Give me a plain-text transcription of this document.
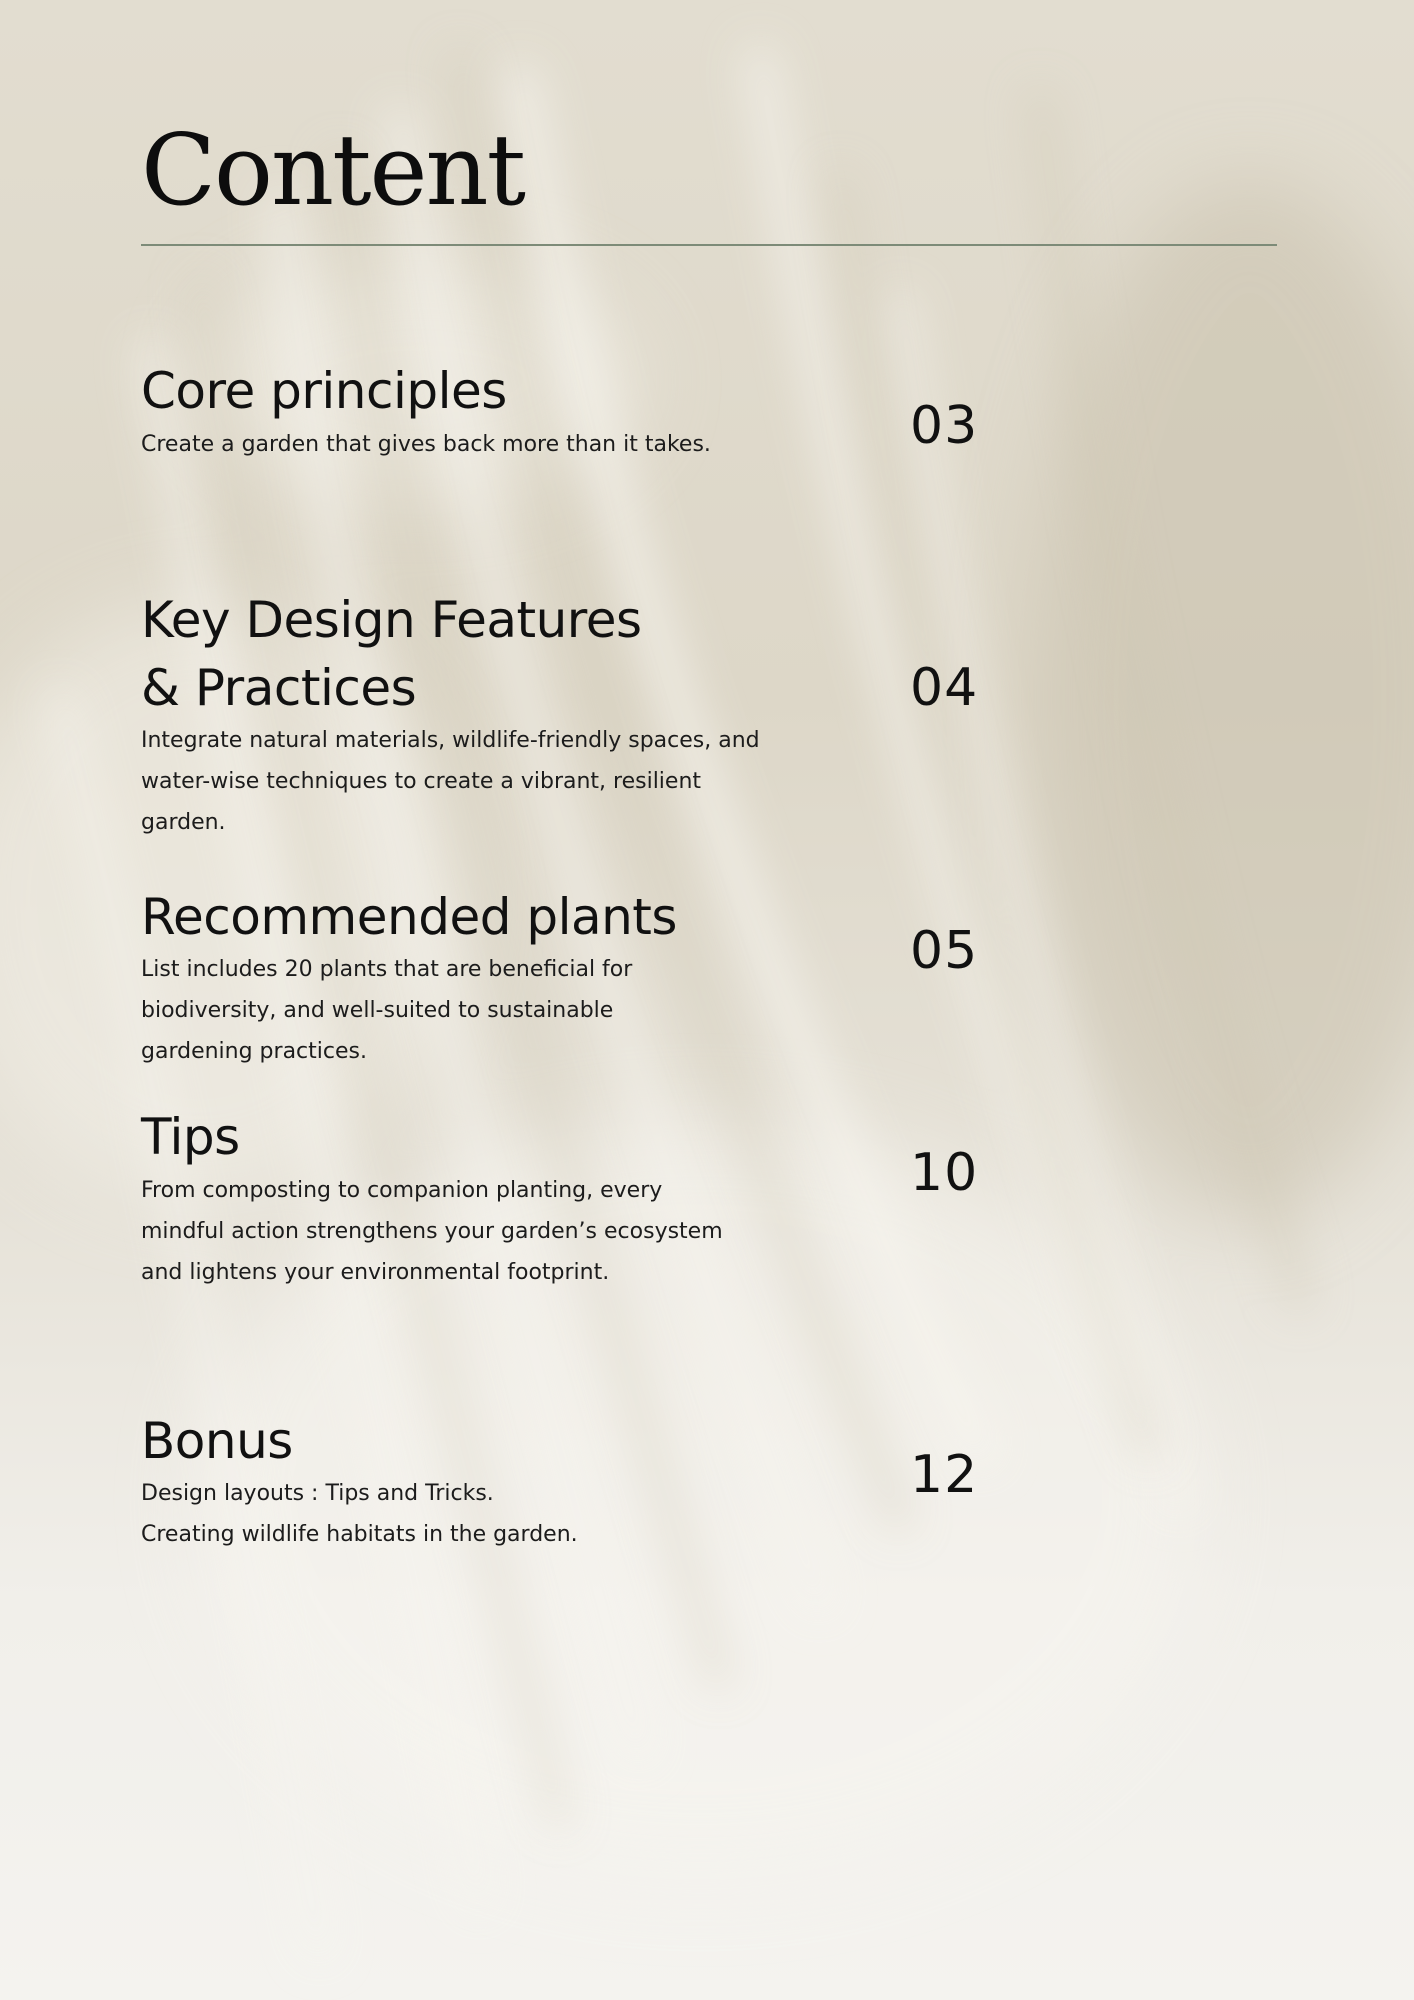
Content
Core principles

Create a garden that gives back more than it takes.	03

Key Design Features
& Practices

Integrate natural materials, wildlife-friendly spaces, and water-wise techniques to create a vibrant, resilient garden.

04

Recommended plants

List includes 20 plants that are beneficial for biodiversity, and well-suited to sustainable gardening practices.

05

Tips

From composting to companion planting, every mindful action strengthens your garden’s ecosystem and lightens your environmental footprint.

10

Bonus

Design layouts : Tips and Tricks.

Creating wildlife habitats in the garden.

12
